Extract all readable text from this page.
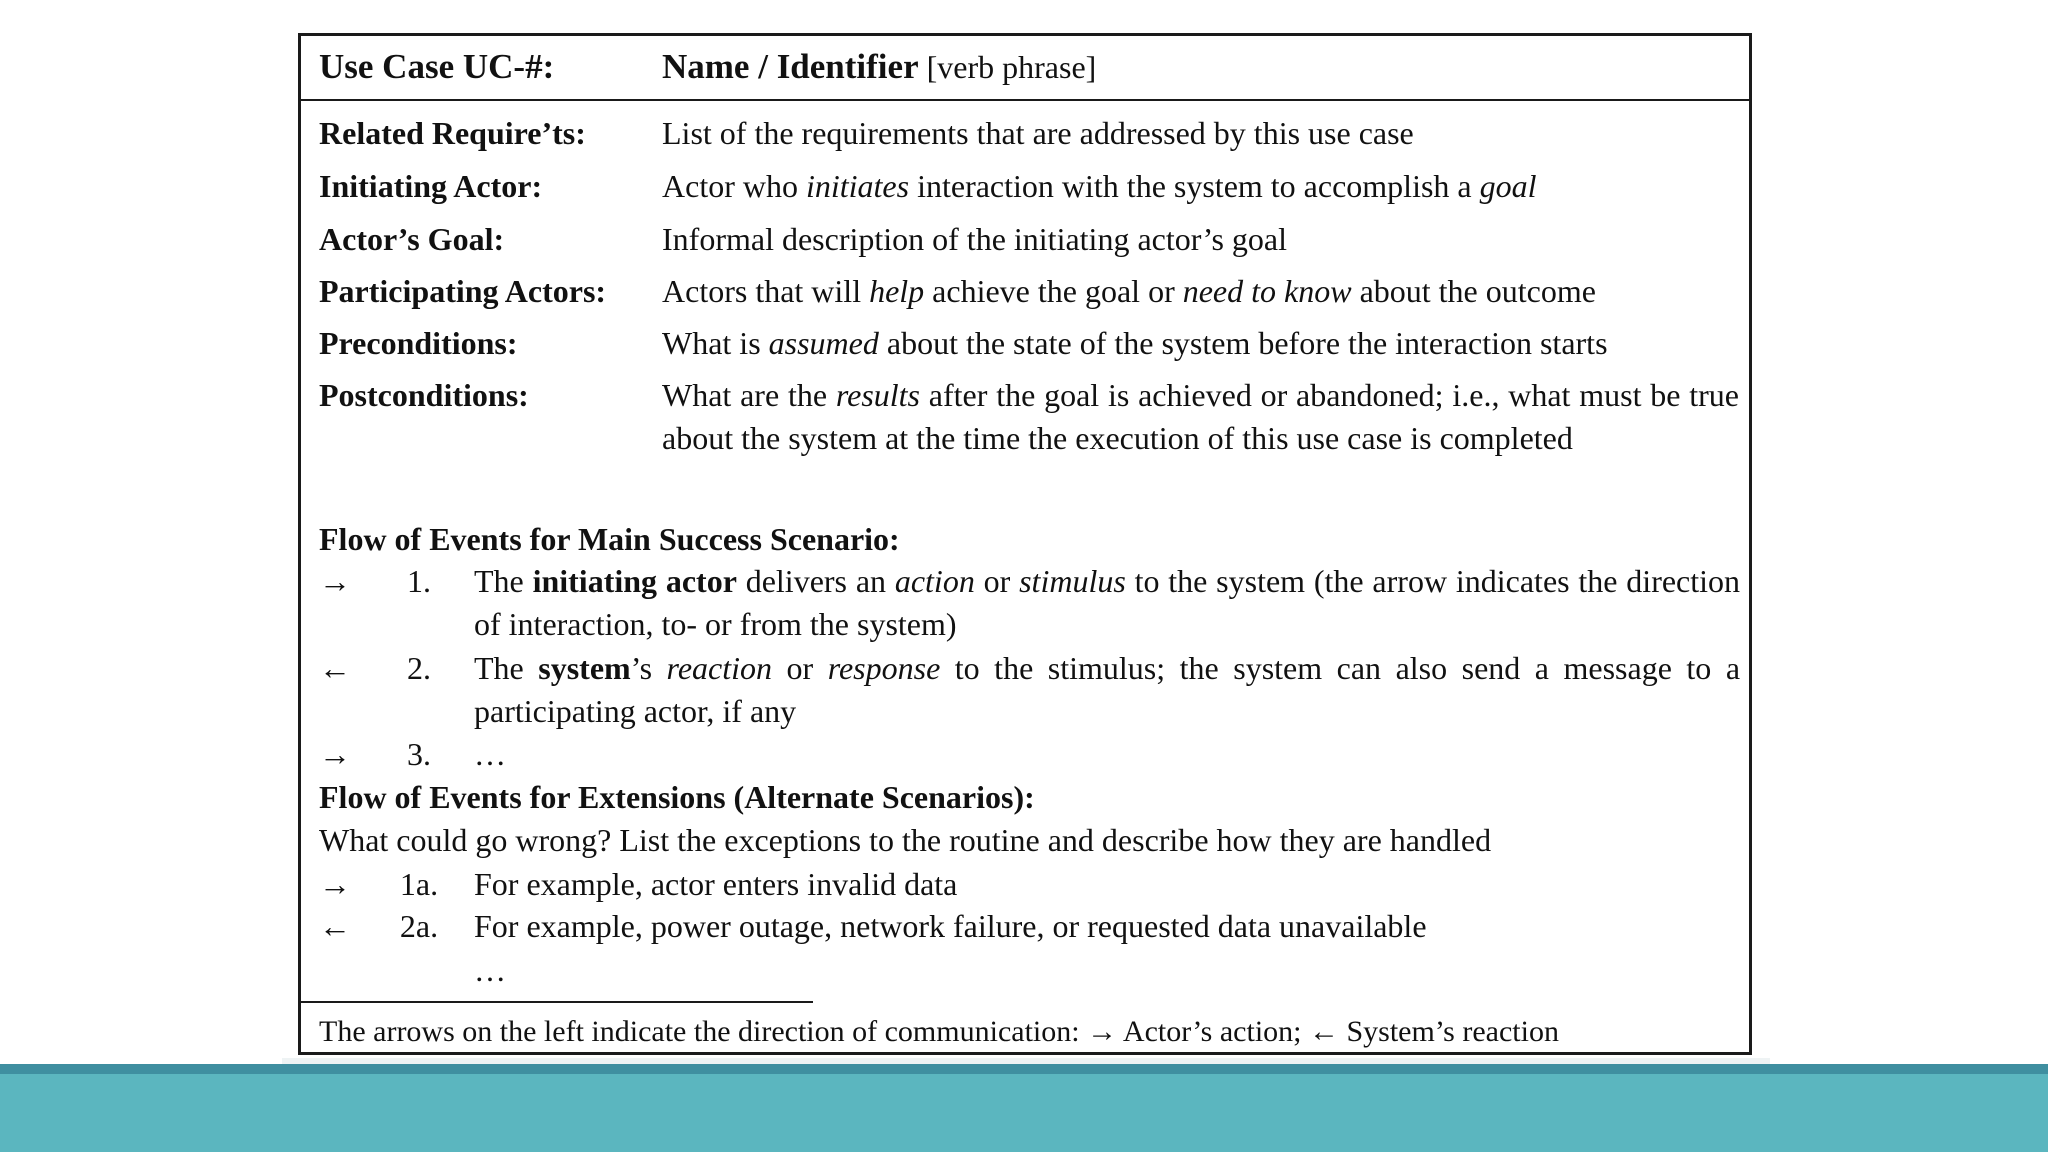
Use Case UC-#:	Name / Identifier [verb phrase]
Related Require’ts: List of the requirements that are addressed by this use case
Initiating Actor:	Actor who initiates interaction with the system to accomplish a goal
Actor’s Goal:	Informal description of the initiating actor’s goal
Participating Actors: Actors that will help achieve the goal or need to know about the outcome
Preconditions:	What is assumed about the state of the system before the interaction starts
Postconditions:	What are the results after the goal is achieved or abandoned; i.e., what must be true about the system at the time the execution of this use case is completed
Flow of Events for Main Success Scenario:
→	1.	The initiating actor delivers an action or stimulus to the system (the arrow indicates the direction of interaction, to- or from the system)
←	2.	The system’s reaction or response to the stimulus; the system can also send a message to a participating actor, if any
→	3.	…
Flow of Events for Extensions (Alternate Scenarios):
What could go wrong? List the exceptions to the routine and describe how they are handled
→	1a.	For example, actor enters invalid data
←	2a.	For example, power outage, network failure, or requested data unavailable
…
The arrows on the left indicate the direction of communication: → Actor’s action; ← System’s reaction
